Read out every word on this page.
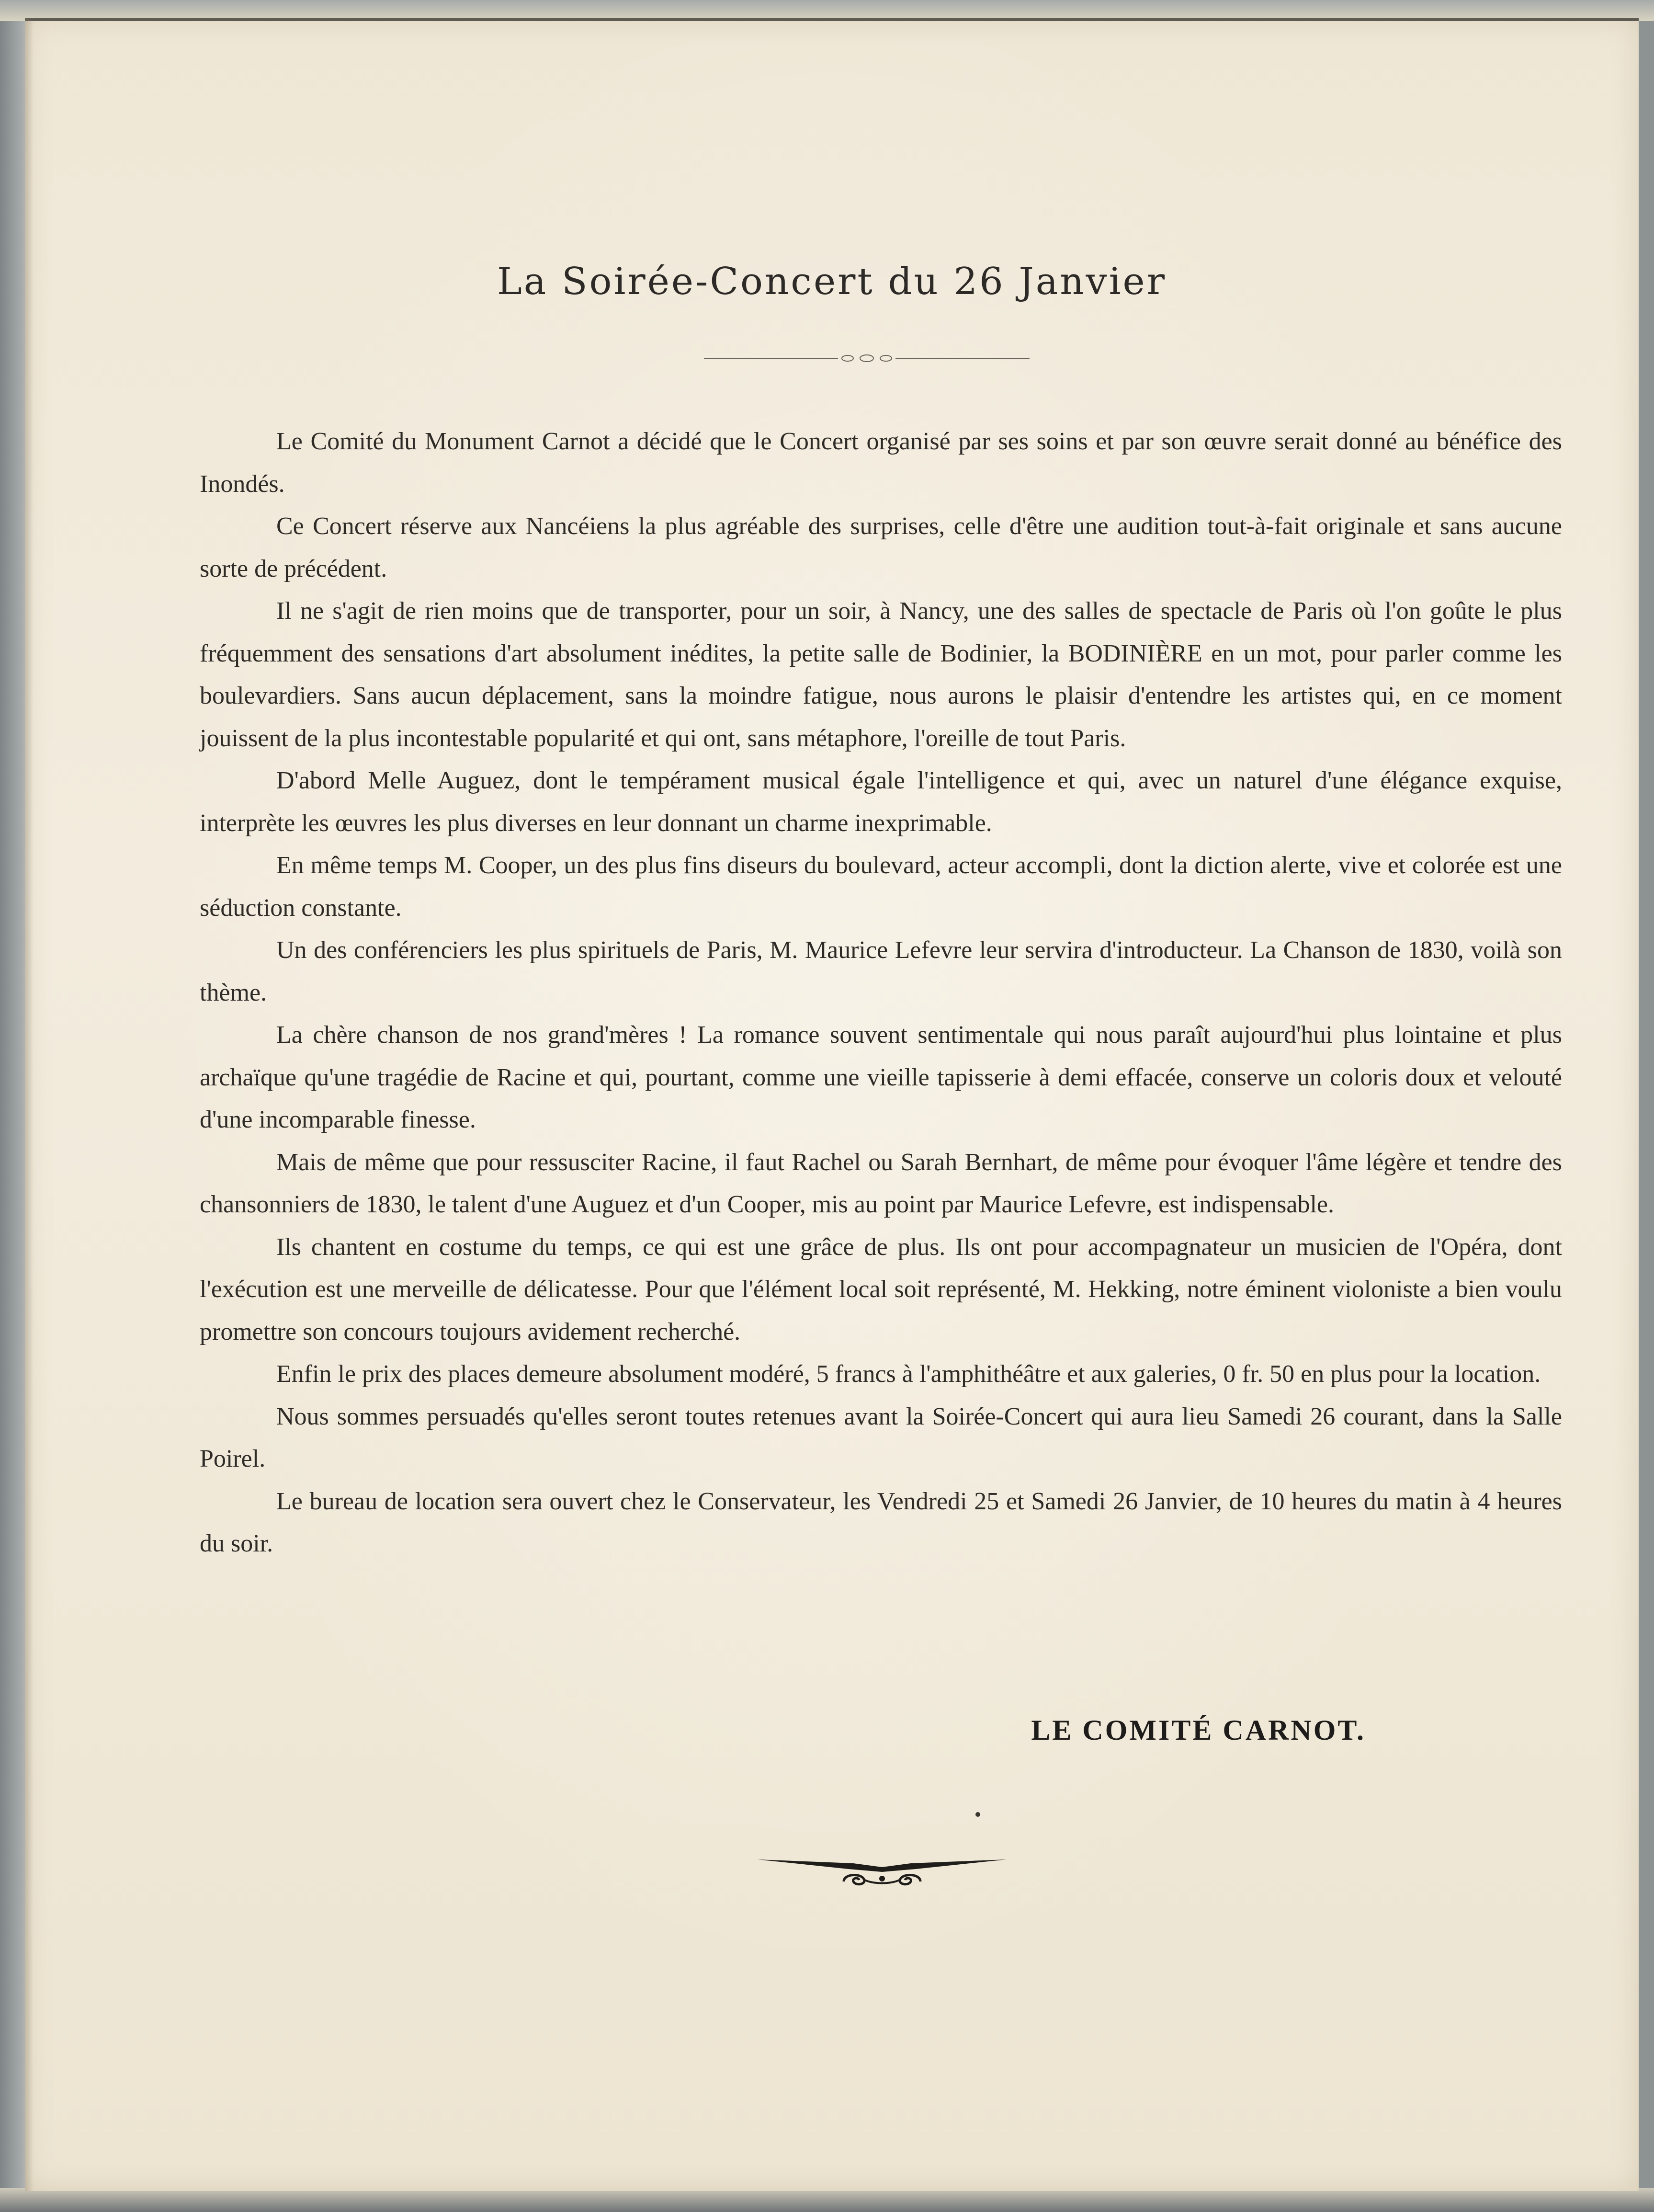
La Soirée-Concert du 26 Janvier

Le Comité du Monument Carnot a décidé que le Concert organisé par ses soins et par son œuvre serait donné au bénéfice des Inondés.

Ce Concert réserve aux Nancéiens la plus agréable des surprises, celle d'être une audition tout-à-fait originale et sans aucune sorte de précédent.

Il ne s'agit de rien moins que de transporter, pour un soir, à Nancy, une des salles de spectacle de Paris où l'on goûte le plus fréquemment des sensations d'art absolument inédites, la petite salle de Bodinier, la BODINIÈRE en un mot, pour parler comme les boulevardiers. Sans aucun déplacement, sans la moindre fatigue, nous aurons le plaisir d'entendre les artistes qui, en ce moment jouissent de la plus incontestable popularité et qui ont, sans métaphore, l'oreille de tout Paris.

D'abord Melle Auguez, dont le tempérament musical égale l'intelligence et qui, avec un naturel d'une élégance exquise, interprète les œuvres les plus diverses en leur donnant un charme inexprimable.

En même temps M. Cooper, un des plus fins diseurs du boulevard, acteur accompli, dont la diction alerte, vive et colorée est une séduction constante.

Un des conférenciers les plus spirituels de Paris, M. Maurice Lefevre leur servira d'introducteur. La Chanson de 1830, voilà son thème.

La chère chanson de nos grand'mères ! La romance souvent sentimentale qui nous paraît aujourd'hui plus lointaine et plus archaïque qu'une tragédie de Racine et qui, pourtant, comme une vieille tapisserie à demi effacée, conserve un coloris doux et velouté d'une incomparable finesse.

Mais de même que pour ressusciter Racine, il faut Rachel ou Sarah Bernhart, de même pour évoquer l'âme légère et tendre des chansonniers de 1830, le talent d'une Auguez et d'un Cooper, mis au point par Maurice Lefevre, est indispensable.

Ils chantent en costume du temps, ce qui est une grâce de plus. Ils ont pour accompagnateur un musicien de l'Opéra, dont l'exécution est une merveille de délicatesse. Pour que l'élément local soit représenté, M. Hekking, notre éminent violoniste a bien voulu promettre son concours toujours avidement recherché.

Enfin le prix des places demeure absolument modéré, 5 francs à l'amphithéâtre et aux galeries, 0 fr. 50 en plus pour la location.

Nous sommes persuadés qu'elles seront toutes retenues avant la Soirée-Concert qui aura lieu Samedi 26 courant, dans la Salle Poirel.

Le bureau de location sera ouvert chez le Conservateur, les Vendredi 25 et Samedi 26 Janvier, de 10 heures du matin à 4 heures du soir.

LE COMITÉ CARNOT.
